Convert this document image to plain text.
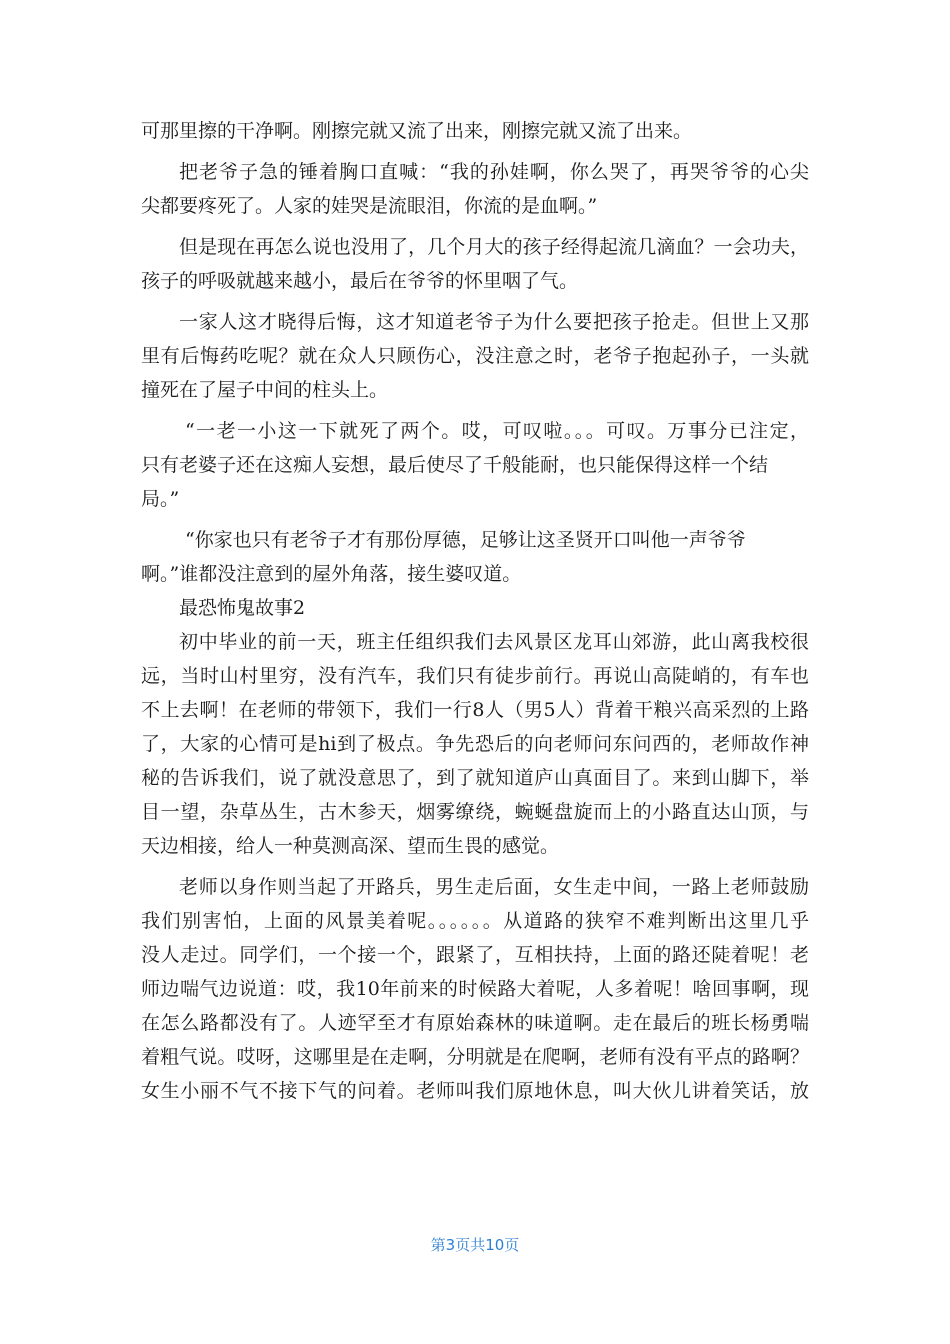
可那里擦的干净啊。刚擦完就又流了出来，刚擦完就又流了出来。
把老爷子急的锤着胸口直喊：“我的孙娃啊，你么哭了，再哭爷爷的心尖
尖都要疼死了。人家的娃哭是流眼泪，你流的是血啊。”
但是现在再怎么说也没用了，几个月大的孩子经得起流几滴血？一会功夫，
孩子的呼吸就越来越小，最后在爷爷的怀里咽了气。
一家人这才晓得后悔，这才知道老爷子为什么要把孩子抢走。但世上又那
里有后悔药吃呢？就在众人只顾伤心，没注意之时，老爷子抱起孙子，一头就
撞死在了屋子中间的柱头上。
“一老一小这一下就死了两个。哎，可叹啦。。。可叹。万事分已注定，
只有老婆子还在这痴人妄想，最后使尽了千般能耐，也只能保得这样一个结
局。”
“你家也只有老爷子才有那份厚德，足够让这圣贤开口叫他一声爷爷
啊。”谁都没注意到的屋外角落，接生婆叹道。
最恐怖鬼故事2
初中毕业的前一天，班主任组织我们去风景区龙耳山郊游，此山离我校很
远，当时山村里穷，没有汽车，我们只有徒步前行。再说山高陡峭的，有车也
不上去啊！在老师的带领下，我们一行8人（男5人）背着干粮兴高采烈的上路
了，大家的心情可是hi到了极点。争先恐后的向老师问东问西的，老师故作神
秘的告诉我们，说了就没意思了，到了就知道庐山真面目了。来到山脚下，举
目一望，杂草丛生，古木参天，烟雾缭绕，蜿蜒盘旋而上的小路直达山顶，与
天边相接，给人一种莫测高深、望而生畏的感觉。
老师以身作则当起了开路兵，男生走后面，女生走中间，一路上老师鼓励
我们别害怕，上面的风景美着呢。。。。。。从道路的狭窄不难判断出这里几乎
没人走过。同学们，一个接一个，跟紧了，互相扶持，上面的路还陡着呢！老
师边喘气边说道：哎，我10年前来的时候路大着呢，人多着呢！啥回事啊，现
在怎么路都没有了。人迹罕至才有原始森林的味道啊。走在最后的班长杨勇喘
着粗气说。哎呀，这哪里是在走啊，分明就是在爬啊，老师有没有平点的路啊？
女生小丽不气不接下气的问着。老师叫我们原地休息，叫大伙儿讲着笑话，放
第3页共10页
